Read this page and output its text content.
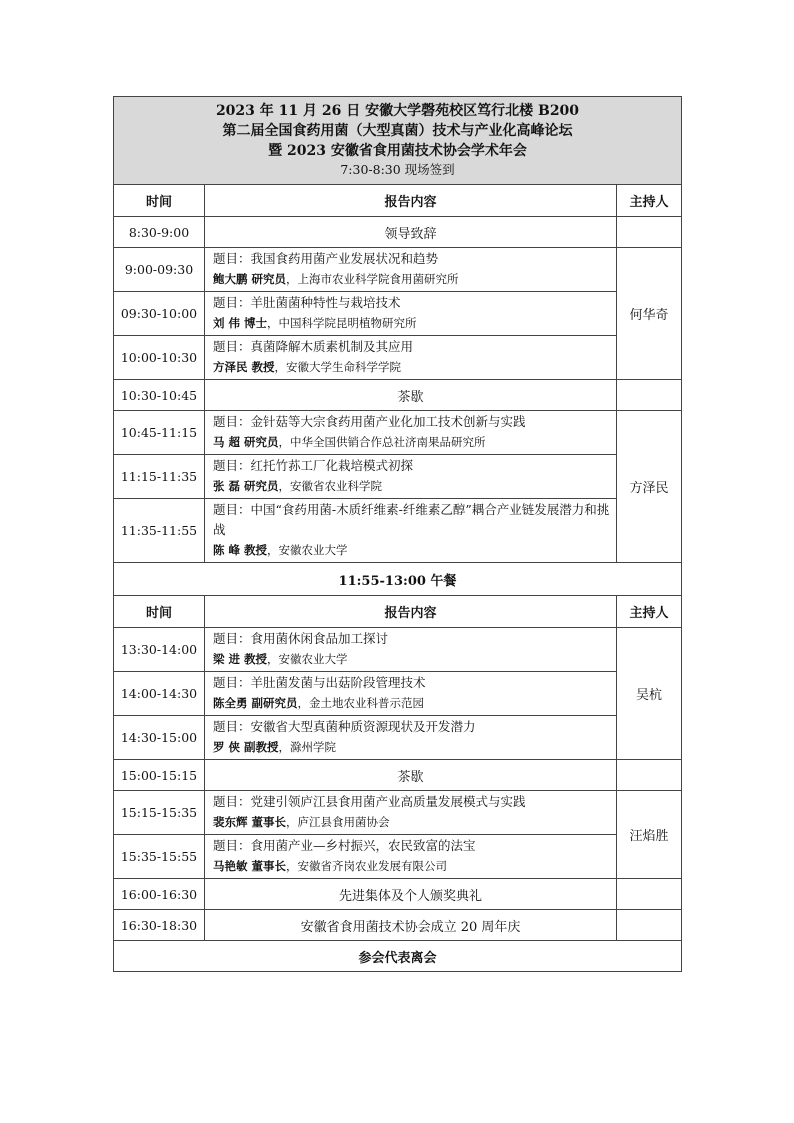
2023 年 11 月 26 日 安徽大学磬苑校区笃行北楼 B200
第二届全国食药用菌（大型真菌）技术与产业化高峰论坛
暨 2023 安徽省食用菌技术协会学术年会
7:30-8:30 现场签到		

时间	报告内容	主持人
8:30-9:00	领导致辞	
9:00-09:30	题目：我国食药用菌产业发展状况和趋势
鲍大鹏 研究员，上海市农业科学院食用菌研究所	何华奇
09:30-10:00	题目：羊肚菌菌种特性与栽培技术
刘 伟 博士，中国科学院昆明植物研究所	

10:00-10:30	题目：真菌降解木质素机制及其应用
方泽民 教授，安徽大学生命科学学院	

10:30-10:45	茶歇	
10:45-11:15	题目：金针菇等大宗食药用菌产业化加工技术创新与实践
马 超 研究员，中华全国供销合作总社济南果品研究所	方泽民
11:15-11:35	题目：红托竹荪工厂化栽培模式初探
张 磊 研究员，安徽省农业科学院	

11:35-11:55	题目：中国“食药用菌-木质纤维素-纤维素乙醇”耦合产业链发展潜力和挑战
陈 峰 教授，安徽农业大学	

11:55-13:00 午餐		
时间	报告内容	主持人
13:30-14:00	题目：食用菌休闲食品加工探讨
梁 进 教授，安徽农业大学	吴杭
14:00-14:30	题目：羊肚菌发菌与出菇阶段管理技术
陈全勇 副研究员，金土地农业科普示范园	

14:30-15:00	题目：安徽省大型真菌种质资源现状及开发潜力
罗 侠 副教授，滁州学院	

15:00-15:15	茶歇	
15:15-15:35	题目：党建引领庐江县食用菌产业高质量发展模式与实践
裴东辉 董事长，庐江县食用菌协会	汪焰胜
15:35-15:55	题目：食用菌产业—乡村振兴，农民致富的法宝
马艳敏 董事长，安徽省齐岗农业发展有限公司	

16:00-16:30	先进集体及个人颁奖典礼	
16:30-18:30	安徽省食用菌技术协会成立 20 周年庆	
参会代表离会		
